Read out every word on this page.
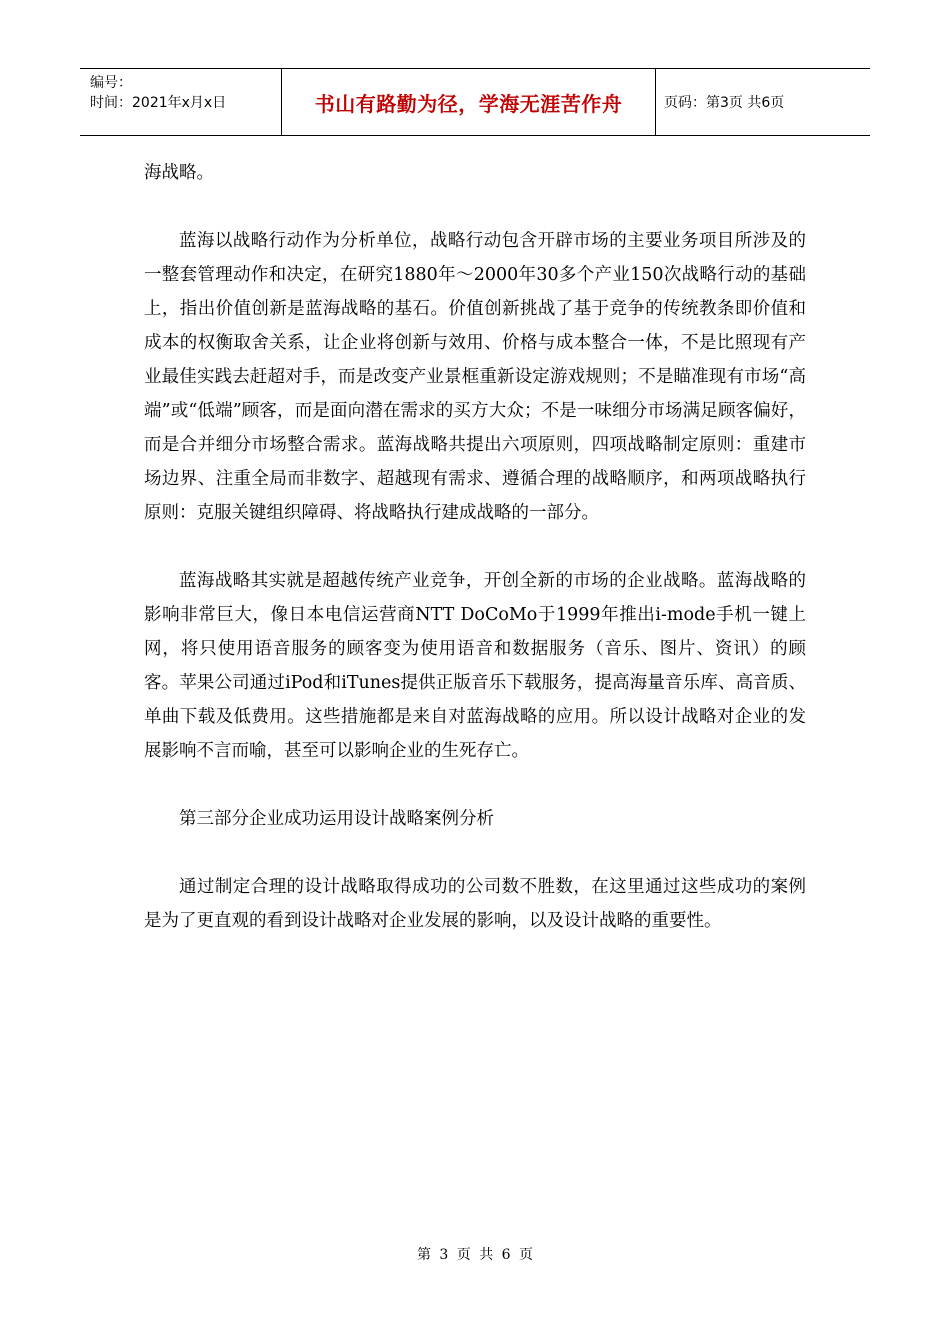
编号：
时间：2021年x月x日	书山有路勤为径，学海无涯苦作舟	页码：第3页 共6页

海战略。

蓝海以战略行动作为分析单位，战略行动包含开辟市场的主要业务项目所涉及的一整套管理动作和决定，在研究1880年～2000年30多个产业150次战略行动的基础上，指出价值创新是蓝海战略的基石。价值创新挑战了基于竞争的传统教条即价值和成本的权衡取舍关系，让企业将创新与效用、价格与成本整合一体，不是比照现有产业最佳实践去赶超对手，而是改变产业景框重新设定游戏规则；不是瞄准现有市场“高端”或“低端”顾客，而是面向潜在需求的买方大众；不是一味细分市场满足顾客偏好，而是合并细分市场整合需求。蓝海战略共提出六项原则，四项战略制定原则：重建市场边界、注重全局而非数字、超越现有需求、遵循合理的战略顺序，和两项战略执行原则：克服关键组织障碍、将战略执行建成战略的一部分。

蓝海战略其实就是超越传统产业竞争，开创全新的市场的企业战略。蓝海战略的影响非常巨大，像日本电信运营商NTT DoCoMo于1999年推出i-mode手机一键上网，将只使用语音服务的顾客变为使用语音和数据服务（音乐、图片、资讯）的顾客。苹果公司通过iPod和iTunes提供正版音乐下载服务，提高海量音乐库、高音质、单曲下载及低费用。这些措施都是来自对蓝海战略的应用。所以设计战略对企业的发展影响不言而喻，甚至可以影响企业的生死存亡。

第三部分企业成功运用设计战略案例分析

通过制定合理的设计战略取得成功的公司数不胜数，在这里通过这些成功的案例是为了更直观的看到设计战略对企业发展的影响，以及设计战略的重要性。

第 3 页 共 6 页
